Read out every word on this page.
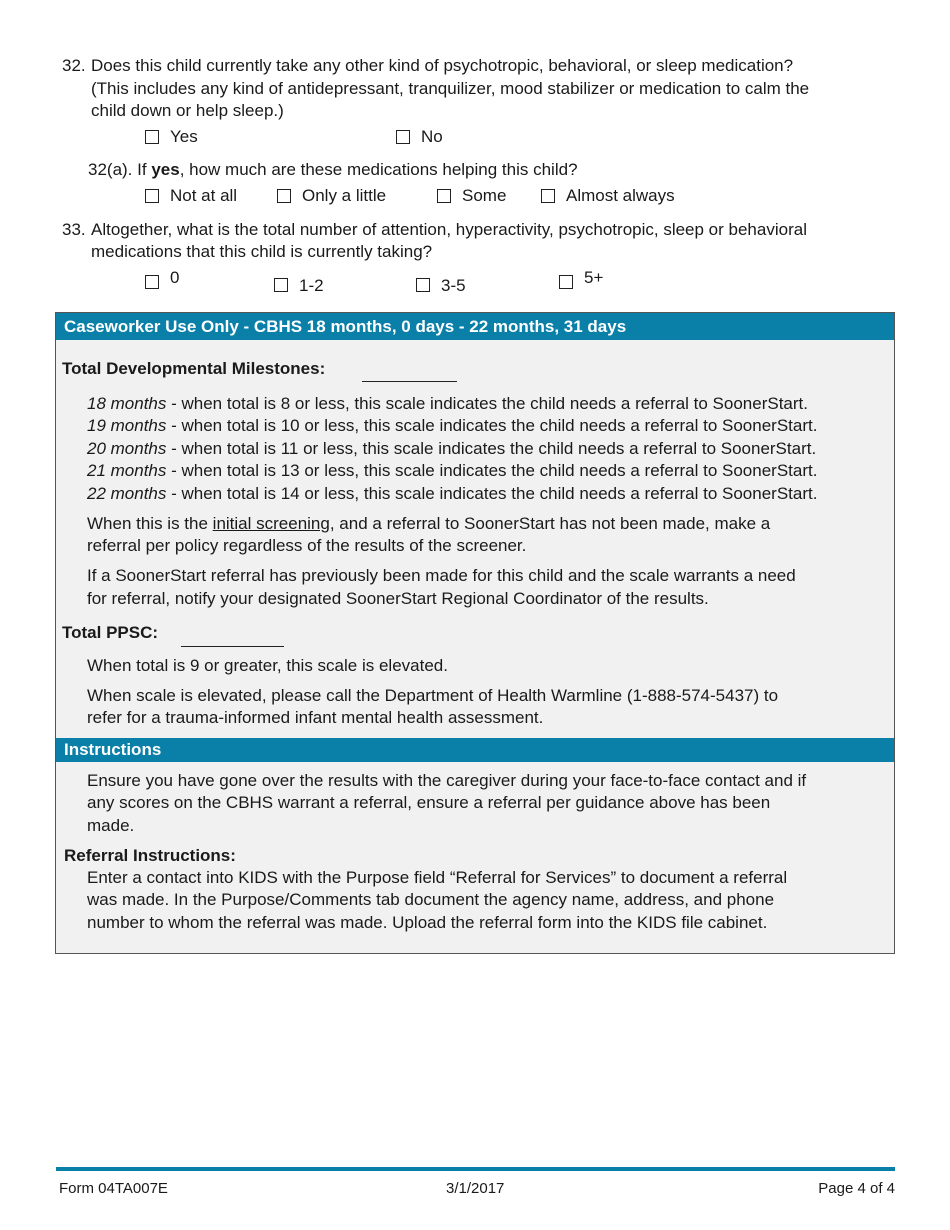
32. Does this child currently take any other kind of psychotropic, behavioral, or sleep medication?
(This includes any kind of antidepressant, tranquilizer, mood stabilizer or medication to calm the
child down or help sleep.)
Yes	No
32(a). If yes, how much are these medications helping this child?
Not at all	Only a little	Some	Almost always
33. Altogether, what is the total number of attention, hyperactivity, psychotropic, sleep or behavioral
medications that this child is currently taking?
0	1-2	3-5	5+
Caseworker Use Only - CBHS 18 months, 0 days - 22 months, 31 days
Total Developmental Milestones:
18 months - when total is 8 or less, this scale indicates the child needs a referral to SoonerStart.
19 months - when total is 10 or less, this scale indicates the child needs a referral to SoonerStart.
20 months - when total is 11 or less, this scale indicates the child needs a referral to SoonerStart.
21 months - when total is 13 or less, this scale indicates the child needs a referral to SoonerStart.
22 months - when total is 14 or less, this scale indicates the child needs a referral to SoonerStart.
When this is the initial screening, and a referral to SoonerStart has not been made, make a
referral per policy regardless of the results of the screener.
If a SoonerStart referral has previously been made for this child and the scale warrants a need
for referral, notify your designated SoonerStart Regional Coordinator of the results.
Total PPSC:
When total is 9 or greater, this scale is elevated.
When scale is elevated, please call the Department of Health Warmline (1-888-574-5437) to
refer for a trauma-informed infant mental health assessment.
Instructions
Ensure you have gone over the results with the caregiver during your face-to-face contact and if
any scores on the CBHS warrant a referral, ensure a referral per guidance above has been
made.
Referral Instructions:
Enter a contact into KIDS with the Purpose field “Referral for Services” to document a referral
was made. In the Purpose/Comments tab document the agency name, address, and phone
number to whom the referral was made. Upload the referral form into the KIDS file cabinet.
Form 04TA007E	3/1/2017	Page 4 of 4
